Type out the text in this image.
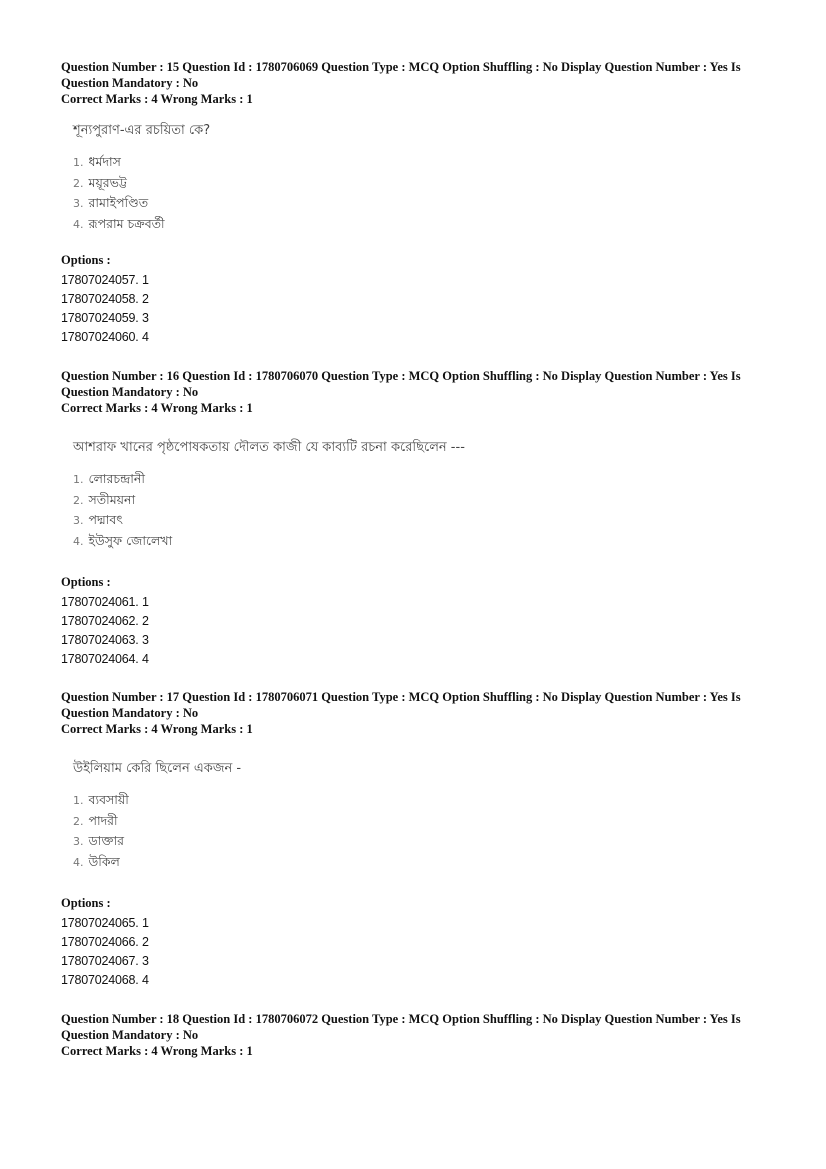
Question Number : 15 Question Id : 1780706069 Question Type : MCQ Option Shuffling : No Display Question Number : Yes Is Question Mandatory : No

Correct Marks : 4 Wrong Marks : 1

শূন্যপুরাণ-এর রচয়িতা কে?
1. ধর্মদাস
2. ময়ূরভট্ট
3. রামাইপণ্ডিত
4. রূপরাম চক্রবর্তী

Options :

17807024057. 1
17807024058. 2
17807024059. 3
17807024060. 4

Question Number : 16 Question Id : 1780706070 Question Type : MCQ Option Shuffling : No Display Question Number : Yes Is Question Mandatory : No

Correct Marks : 4 Wrong Marks : 1

আশরাফ খানের পৃষ্ঠপোষকতায় দৌলত কাজী যে কাব্যটি রচনা করেছিলেন ---
1. লোরচন্দ্রানী
2. সতীময়না
3. পদ্মাবৎ
4. ইউসুফ জোলেখা

Options :

17807024061. 1
17807024062. 2
17807024063. 3
17807024064. 4

Question Number : 17 Question Id : 1780706071 Question Type : MCQ Option Shuffling : No Display Question Number : Yes Is Question Mandatory : No

Correct Marks : 4 Wrong Marks : 1

উইলিয়াম কেরি ছিলেন একজন -
1. ব্যবসায়ী
2. পাদরী
3. ডাক্তার
4. উকিল

Options :

17807024065. 1
17807024066. 2
17807024067. 3
17807024068. 4

Question Number : 18 Question Id : 1780706072 Question Type : MCQ Option Shuffling : No Display Question Number : Yes Is Question Mandatory : No

Correct Marks : 4 Wrong Marks : 1
